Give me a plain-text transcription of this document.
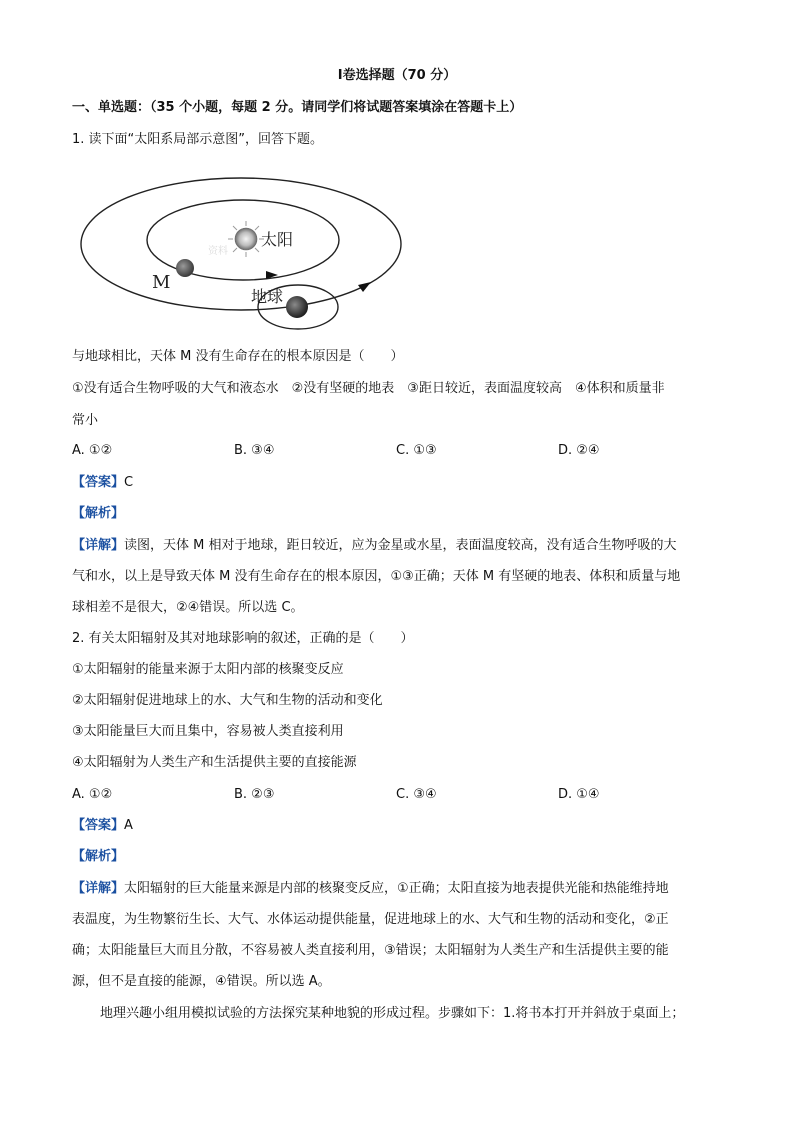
Ⅰ卷选择题（70 分）
一、单选题：（35 个小题，每题 2 分。请同学们将试题答案填涂在答题卡上）
1. 读下面“太阳系局部示意图”，回答下题。
资料
太阳
M
地球
与地球相比，天体 M 没有生命存在的根本原因是（　　）
①没有适合生物呼吸的大气和液态水　②没有坚硬的地表　③距日较近，表面温度较高　④体积和质量非
常小
A. ①②	B. ③④	C. ①③	D. ②④
【答案】C
【解析】
【详解】读图，天体 M 相对于地球，距日较近，应为金星或水星，表面温度较高，没有适合生物呼吸的大
气和水，以上是导致天体 M 没有生命存在的根本原因，①③正确；天体 M 有坚硬的地表、体积和质量与地
球相差不是很大，②④错误。所以选 C。
2. 有关太阳辐射及其对地球影响的叙述，正确的是（　　）
①太阳辐射的能量来源于太阳内部的核聚变反应
②太阳辐射促进地球上的水、大气和生物的活动和变化
③太阳能量巨大而且集中，容易被人类直接利用
④太阳辐射为人类生产和生活提供主要的直接能源
A. ①②	B. ②③	C. ③④	D. ①④
【答案】A
【解析】
【详解】太阳辐射的巨大能量来源是内部的核聚变反应，①正确；太阳直接为地表提供光能和热能维持地
表温度，为生物繁衍生长、大气、水体运动提供能量，促进地球上的水、大气和生物的活动和变化，②正
确；太阳能量巨大而且分散，不容易被人类直接利用，③错误；太阳辐射为人类生产和生活提供主要的能
源，但不是直接的能源，④错误。所以选 A。
地理兴趣小组用模拟试验的方法探究某种地貌的形成过程。步骤如下：1.将书本打开并斜放于桌面上；
